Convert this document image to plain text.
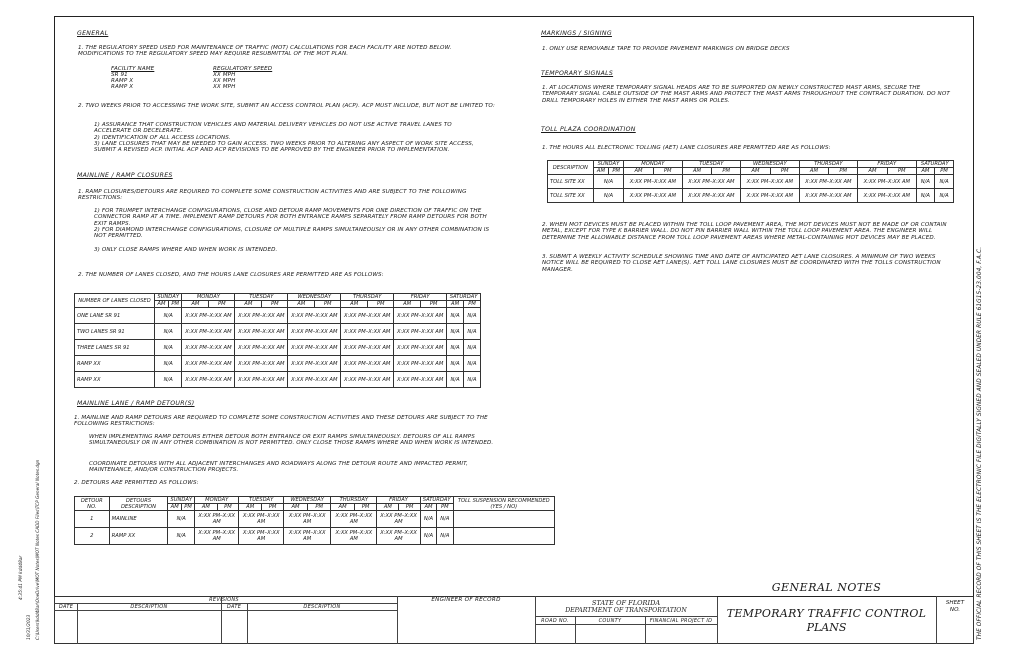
GENERAL
1. THE REGULATORY SPEED USED FOR MAINTENANCE OF TRAFFIC (MOT) CALCULATIONS FOR EACH FACILITY ARE NOTED BELOW. MODIFICATIONS TO THE REGULATORY SPEED MAY REQUIRE RESUBMITTAL OF THE MOT PLAN.
FACILITY NAME	REGULATORY SPEED
SR 91	XX MPH
RAMP X	XX MPH
RAMP X	XX MPH
2. TWO WEEKS PRIOR TO ACCESSING THE WORK SITE, SUBMIT AN ACCESS CONTROL PLAN (ACP). ACP MUST INCLUDE, BUT NOT BE LIMITED TO:
1) ASSURANCE THAT CONSTRUCTION VEHICLES AND MATERIAL DELIVERY VEHICLES DO NOT USE ACTIVE TRAVEL LANES TO ACCELERATE OR DECELERATE.
2) IDENTIFICATION OF ALL ACCESS LOCATIONS.
3) LANE CLOSURES THAT MAY BE NEEDED TO GAIN ACCESS. TWO WEEKS PRIOR TO ALTERING ANY ASPECT OF WORK SITE ACCESS, SUBMIT A REVISED ACP. INITIAL ACP AND ACP REVISIONS TO BE APPROVED BY THE ENGINEER PRIOR TO IMPLEMENTATION.
MAINLINE / RAMP CLOSURES
1. RAMP CLOSURES/DETOURS ARE REQUIRED TO COMPLETE SOME CONSTRUCTION ACTIVITIES AND ARE SUBJECT TO THE FOLLOWING RESTRICTIONS:
1) FOR TRUMPET INTERCHANGE CONFIGURATIONS, CLOSE AND DETOUR RAMP MOVEMENTS FOR ONE DIRECTION OF TRAFFIC ON THE CONNECTOR RAMP AT A TIME. IMPLEMENT RAMP DETOURS FOR BOTH ENTRANCE RAMPS SEPARATELY FROM RAMP DETOURS FOR BOTH EXIT RAMPS.
2) FOR DIAMOND INTERCHANGE CONFIGURATIONS, CLOSURE OF MULTIPLE RAMPS SIMULTANEOUSLY OR IN ANY OTHER COMBINATION IS NOT PERMITTED.
3) ONLY CLOSE RAMPS WHERE AND WHEN WORK IS INTENDED.
2. THE NUMBER OF LANES CLOSED, AND THE HOURS LANE CLOSURES ARE PERMITTED ARE AS FOLLOWS:
NUMBER OF LANES CLOSED	SUNDAY		MONDAY		TUESDAY		WEDNESDAY		THURSDAY		FRIDAY		SATURDAY	
	AM	PM	AM	PM	AM	PM	AM	PM	AM	PM	AM	PM	AM	PM
ONE LANE SR 91	N/A		X:XX PM–X:XX AM		X:XX PM–X:XX AM		X:XX PM–X:XX AM		X:XX PM–X:XX AM		X:XX PM–X:XX AM		N/A	N/A
TWO LANES SR 91	N/A		X:XX PM–X:XX AM		X:XX PM–X:XX AM		X:XX PM–X:XX AM		X:XX PM–X:XX AM		X:XX PM–X:XX AM		N/A	N/A
THREE LANES SR 91	N/A		X:XX PM–X:XX AM		X:XX PM–X:XX AM		X:XX PM–X:XX AM		X:XX PM–X:XX AM		X:XX PM–X:XX AM		N/A	N/A
RAMP XX	N/A		X:XX PM–X:XX AM		X:XX PM–X:XX AM		X:XX PM–X:XX AM		X:XX PM–X:XX AM		X:XX PM–X:XX AM		N/A	N/A
RAMP XX	N/A		X:XX PM–X:XX AM		X:XX PM–X:XX AM		X:XX PM–X:XX AM		X:XX PM–X:XX AM		X:XX PM–X:XX AM		N/A	N/A
MAINLINE LANE / RAMP DETOUR(S)
1. MAINLINE AND RAMP DETOURS ARE REQUIRED TO COMPLETE SOME CONSTRUCTION ACTIVITIES AND THESE DETOURS ARE SUBJECT TO THE FOLLOWING RESTRICTIONS:
WHEN IMPLEMENTING RAMP DETOURS EITHER DETOUR BOTH ENTRANCE OR EXIT RAMPS SIMULTANEOUSLY. DETOURS OF ALL RAMPS SIMULTANEOUSLY OR IN ANY OTHER COMBINATION IS NOT PERMITTED. ONLY CLOSE THOSE RAMPS WHERE AND WHEN WORK IS INTENDED.
COORDINATE DETOURS WITH ALL ADJACENT INTERCHANGES AND ROADWAYS ALONG THE DETOUR ROUTE AND IMPACTED PERMIT, MAINTENANCE, AND/OR CONSTRUCTION PROJECTS.
2. DETOURS ARE PERMITTED AS FOLLOWS:
DETOUR NO.	DETOURS DESCRIPTION	SUNDAY		MONDAY		TUESDAY		WEDNESDAY		THURSDAY		FRIDAY		SATURDAY		TOLL SUSPENSION RECOMMENDED (YES / NO)
		AM	PM	AM	PM	AM	PM	AM	PM	AM	PM	AM	PM	AM	PM	
1	MAINLINE	N/A		X:XX PM–X:XX AM		X:XX PM–X:XX AM		X:XX PM–X:XX AM		X:XX PM–X:XX AM		X:XX PM–X:XX AM		N/A	N/A	
2	RAMP XX	N/A		X:XX PM–X:XX AM		X:XX PM–X:XX AM		X:XX PM–X:XX AM		X:XX PM–X:XX AM		X:XX PM–X:XX AM		N/A	N/A	
MARKINGS / SIGNING
1. ONLY USE REMOVABLE TAPE TO PROVIDE PAVEMENT MARKINGS ON BRIDGE DECKS
TEMPORARY SIGNALS
1. AT LOCATIONS WHERE TEMPORARY SIGNAL HEADS ARE TO BE SUPPORTED ON NEWLY CONSTRUCTED MAST ARMS, SECURE THE TEMPORARY SIGNAL CABLE OUTSIDE OF THE MAST ARMS AND PROTECT THE MAST ARMS THROUGHOUT THE CONTRACT DURATION. DO NOT DRILL TEMPORARY HOLES IN EITHER THE MAST ARMS OR POLES.
TOLL PLAZA COORDINATION
1. THE HOURS ALL ELECTRONIC TOLLING (AET) LANE CLOSURES ARE PERMITTED ARE AS FOLLOWS:
DESCRIPTION	SUNDAY		MONDAY		TUESDAY		WEDNESDAY		THURSDAY		FRIDAY		SATURDAY	
	AM	PM	AM	PM	AM	PM	AM	PM	AM	PM	AM	PM	AM	PM
TOLL SITE XX	N/A		X:XX PM–X:XX AM		X:XX PM–X:XX AM		X:XX PM–X:XX AM		X:XX PM–X:XX AM		X:XX PM–X:XX AM		N/A	N/A
TOLL SITE XX	N/A		X:XX PM–X:XX AM		X:XX PM–X:XX AM		X:XX PM–X:XX AM		X:XX PM–X:XX AM		X:XX PM–X:XX AM		N/A	N/A
2. WHEN MOT DEVICES MUST BE PLACED WITHIN THE TOLL LOOP PAVEMENT AREA, THE MOT DEVICES MUST NOT BE MADE OF OR CONTAIN METAL, EXCEPT FOR TYPE K BARRIER WALL. DO NOT PIN BARRIER WALL WITHIN THE TOLL LOOP PAVEMENT AREA. THE ENGINEER WILL DETERMINE THE ALLOWABLE DISTANCE FROM TOLL LOOP PAVEMENT AREAS WHERE METAL-CONTAINING MOT DEVICES MAY BE PLACED.
3. SUBMIT A WEEKLY ACTIVITY SCHEDULE SHOWING TIME AND DATE OF ANTICIPATED AET LANE CLOSURES. A MINIMUM OF TWO WEEKS NOTICE WILL BE REQUIRED TO CLOSE AET LANE(S). AET TOLL LANE CLOSURES MUST BE COORDINATED WITH THE TOLLS CONSTRUCTION MANAGER.
REVISIONS
DATE	DESCRIPTION	DATE	DESCRIPTION
ENGINEER OF RECORD	STATE OF FLORIDA
DEPARTMENT OF TRANSPORTATION
ROAD NO.	COUNTY	FINANCIAL PROJECT ID
GENERAL NOTES
TEMPORARY TRAFFIC CONTROL
PLANS
SHEET NO.	THE OFFICIAL RECORD OF THIS SHEET IS THE ELECTRONIC FILE DIGITALLY SIGNED AND SEALED UNDER RULE 61G15-23.004, F.A.C.
4:35:41 PM kdd48ar
10/31/2023 C:\Users\kdd48ar\OneDrive\MOT Notes\MOT Notes CADD Files\TCP General Notes.dgn
